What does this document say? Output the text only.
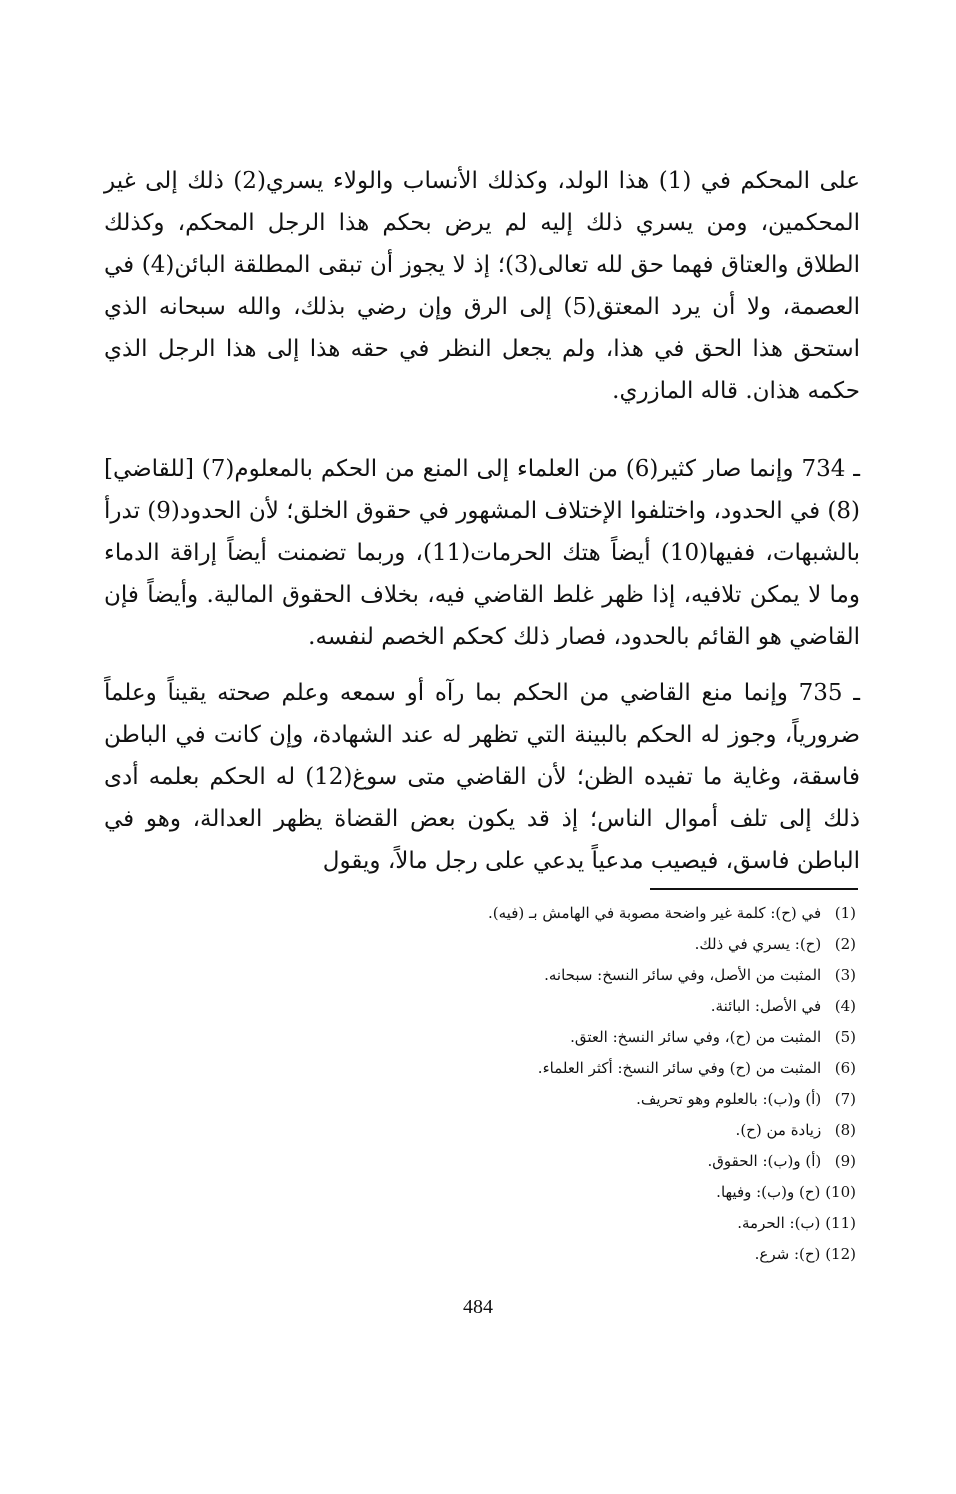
على المحكم في (1) هذا الولد، وكذلك الأنساب والولاء يسري(2) ذلك إلى غير المحكمين، ومن يسري ذلك إليه لم يرض بحكم هذا الرجل المحكم، وكذلك الطلاق والعتاق فهما حق لله تعالى(3)؛ إذ لا يجوز أن تبقى المطلقة البائن(4) في العصمة، ولا أن يرد المعتق(5) إلى الرق وإن رضي بذلك، والله سبحانه الذي استحق هذا الحق في هذا، ولم يجعل النظر في حقه هذا إلى هذا الرجل الذي حكمه هذان. قاله المازري.

734 ـ وإنما صار كثير(6) من العلماء إلى المنع من الحكم بالمعلوم(7) [للقاضي](8) في الحدود، واختلفوا الإختلاف المشهور في حقوق الخلق؛ لأن الحدود(9) تدرأ بالشبهات، ففيها(10) أيضاً هتك الحرمات(11)، وربما تضمنت أيضاً إراقة الدماء وما لا يمكن تلافيه، إذا ظهر غلط القاضي فيه، بخلاف الحقوق المالية. وأيضاً فإن القاضي هو القائم بالحدود، فصار ذلك كحكم الخصم لنفسه.

735 ـ وإنما منع القاضي من الحكم بما رآه أو سمعه وعلم صحته يقيناً وعلماً ضرورياً، وجوز له الحكم بالبينة التي تظهر له عند الشهادة، وإن كانت في الباطن فاسقة، وغاية ما تفيده الظن؛ لأن القاضي متى سوغ(12) له الحكم بعلمه أدى ذلك إلى تلف أموال الناس؛ إذ قد يكون بعض القضاة يظهر العدالة، وهو في الباطن فاسق، فيصيب مدعياً يدعي على رجل مالاً، ويقول

(1) في (ح): كلمة غير واضحة مصوبة في الهامش بـ (فيه).
(2) (ح): يسري في ذلك.
(3) المثبت من الأصل، وفي سائر النسخ: سبحانه.
(4) في الأصل: البائنة.
(5) المثبت من (ح)، وفي سائر النسخ: العتق.
(6) المثبت من (ح) وفي سائر النسخ: أكثر العلماء.
(7) (أ) و(ب): بالعلوم وهو تحريف.
(8) زيادة من (ح).
(9) (أ) و(ب): الحقوق.
(10) (ح) و(ب): وفيها.
(11) (ب): الحرمة.
(12) (ح): شرع.
484
